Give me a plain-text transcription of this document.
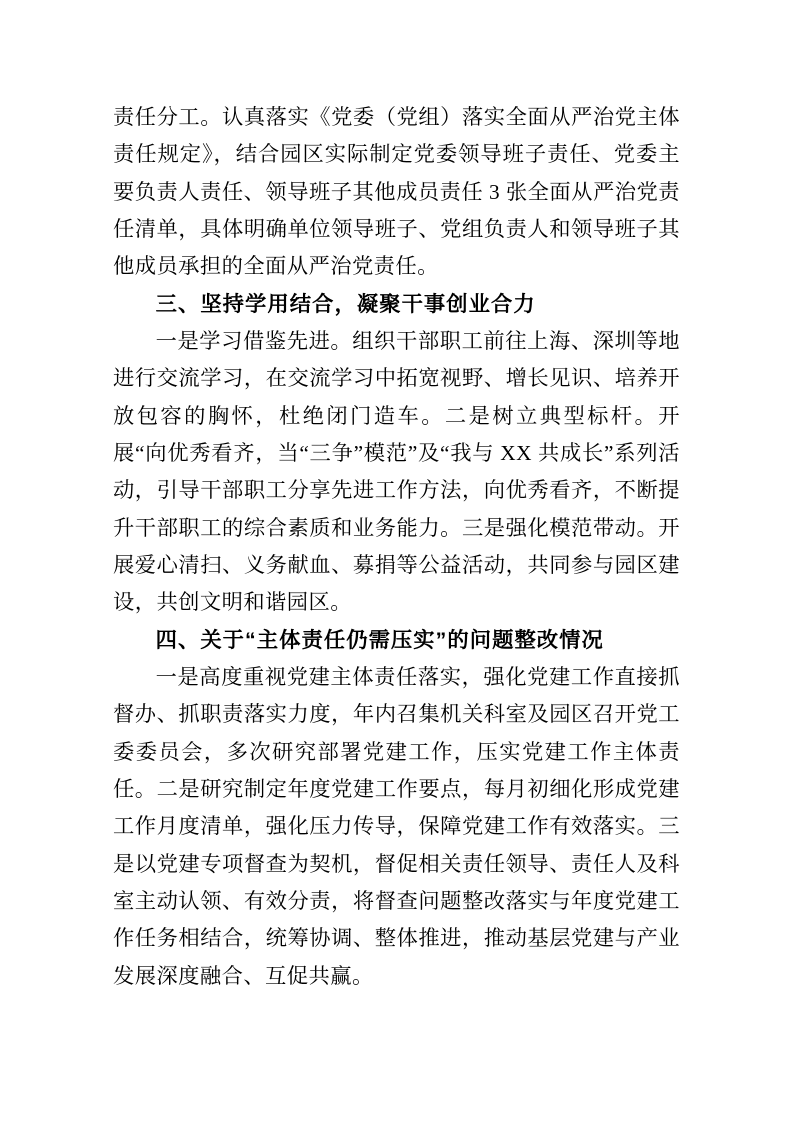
责任分工。认真落实《党委（党组）落实全面从严治党主体责任规定》，结合园区实际制定党委领导班子责任、党委主要负责人责任、领导班子其他成员责任 3 张全面从严治党责任清单，具体明确单位领导班子、党组负责人和领导班子其他成员承担的全面从严治党责任。

三、坚持学用结合，凝聚干事创业合力

一是学习借鉴先进。组织干部职工前往上海、深圳等地进行交流学习，在交流学习中拓宽视野、增长见识、培养开放包容的胸怀，杜绝闭门造车。二是树立典型标杆。开展“向优秀看齐，当“三争”模范”及“我与 XX 共成长”系列活动，引导干部职工分享先进工作方法，向优秀看齐，不断提升干部职工的综合素质和业务能力。三是强化模范带动。开展爱心清扫、义务献血、募捐等公益活动，共同参与园区建设，共创文明和谐园区。

四、关于“主体责任仍需压实”的问题整改情况

一是高度重视党建主体责任落实，强化党建工作直接抓督办、抓职责落实力度，年内召集机关科室及园区召开党工委委员会，多次研究部署党建工作，压实党建工作主体责任。二是研究制定年度党建工作要点，每月初细化形成党建工作月度清单，强化压力传导，保障党建工作有效落实。三是以党建专项督查为契机，督促相关责任领导、责任人及科室主动认领、有效分责，将督查问题整改落实与年度党建工作任务相结合，统筹协调、整体推进，推动基层党建与产业发展深度融合、互促共赢。
